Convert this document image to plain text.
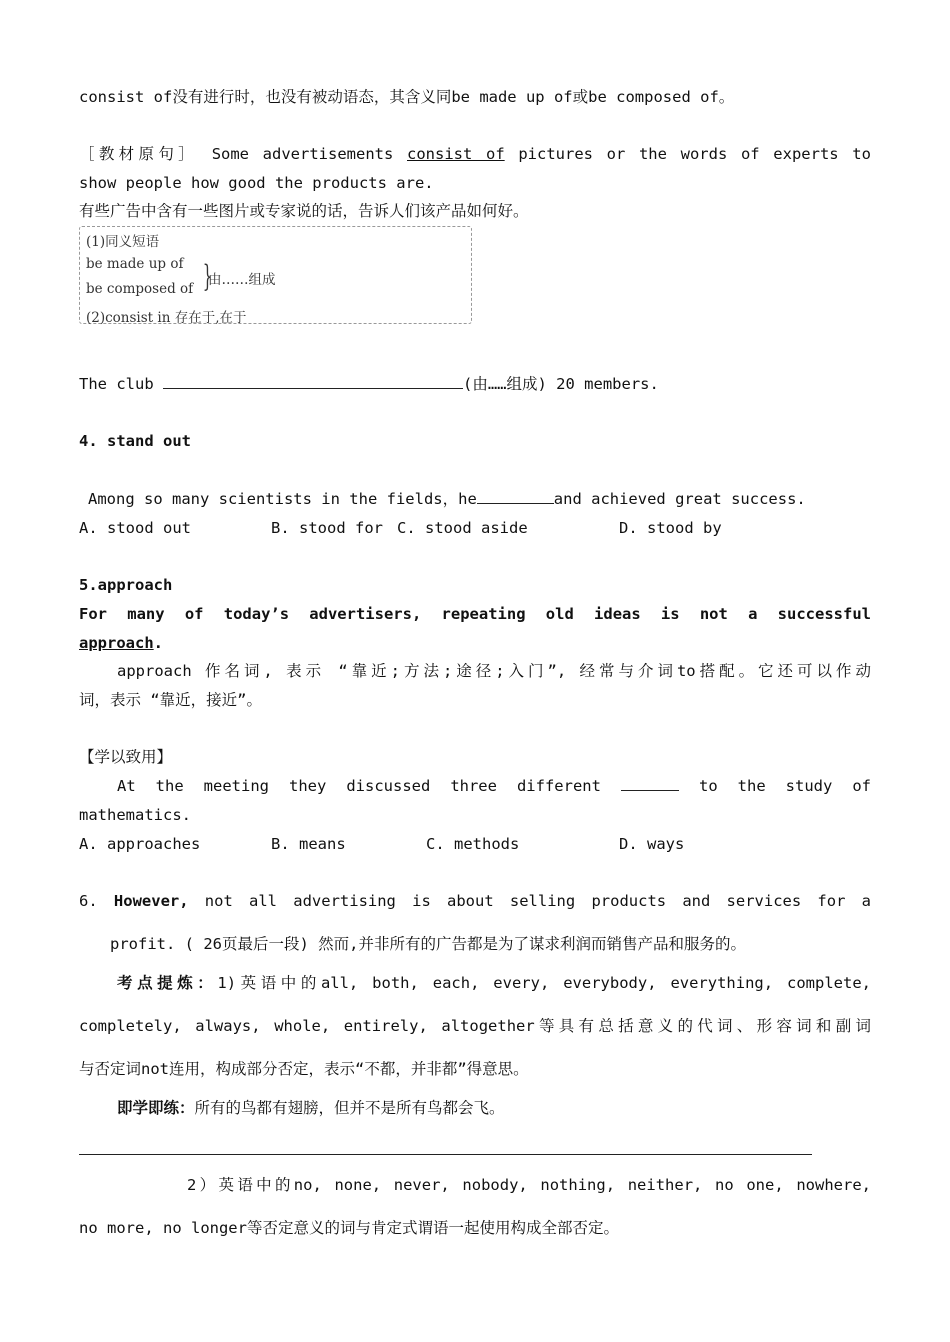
consist of没有进行时，也没有被动语态，其含义同be made up of或be composed of。
［教材原句］ Some advertisements consist of pictures or the words of experts to
show people how good the products are.
有些广告中含有一些图片或专家说的话，告诉人们该产品如何好。
(1)同义短语
be made up of
be composed of }
由……组成
(2)consist in 存在于,在于
The club	(由……组成) 20 members.
4. stand out
Among so many scientists in the fields，he	and achieved great success.
A. stood out	B. stood for C. stood aside	D. stood by
5.approach
For many of today’s advertisers, repeating old ideas is not a successful
approach.
approach 作名词, 表示 “靠近;方法;途径;入门”, 经常与介词to搭配。它还可以作动
词，表示 “靠近，接近”。
【学以致用】
At the meeting they discussed three different	to the study of
mathematics.
A. approaches	B. means	C. methods	D. ways
6. However, not all advertising is about selling products and services for a
profit. ( 26页最后一段) 然而,并非所有的广告都是为了谋求利润而销售产品和服务的。
考点提炼：1)英语中的all, both, each, every, everybody, everything, complete,
completely, always, whole, entirely, altogether等具有总括意义的代词、形容词和副词
与否定词not连用，构成部分否定，表示“不都，并非都”得意思。
即学即练：所有的鸟都有翅膀，但并不是所有鸟都会飞。
2）英语中的no, none, never, nobody, nothing, neither, no one, nowhere,
no more, no longer等否定意义的词与肯定式谓语一起使用构成全部否定。
